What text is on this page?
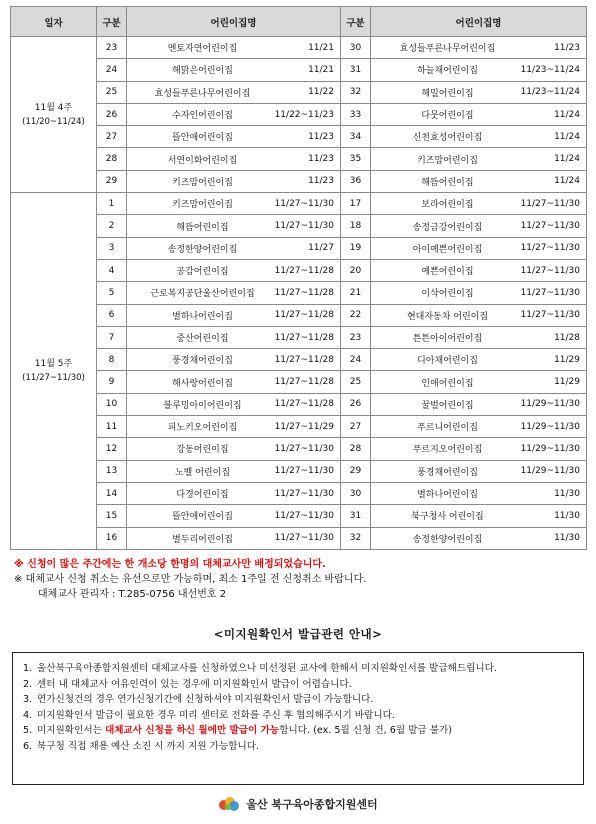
일자	구분	어린이집명	구분	어린이집명
11월 4주
(11/20~11/24)	23	멘토자연어린이집 11/21	30	효성들푸른나무어린이집 11/23

	24	해맑은어린이집 11/21	31	하늘채어린이집 11/23~11/24

	25	효성들푸른나무어린이집 11/22	32	해밀어린이집 11/23~11/24

	26	수자인어린이집 11/22~11/23	33	다뭇어린이집 11/24

	27	뜰안애어린이집 11/23	34	신천효성어린이집 11/24

	28	서연이화어린이집 11/23	35	키즈맘어린이집 11/24

	29	키즈맘어린이집 11/23	36	해뜸어린이집 11/24

11월 5주
(11/27~11/30)	1	키즈맘어린이집 11/27~11/30	17	보라어린이집 11/27~11/30

	2	해뜸어린이집 11/27~11/30	18	송정금강어린이집 11/27~11/30

	3	송정한양어린이집 11/27	19	아이예쁜어린이집 11/27~11/30

	4	공감어린이집 11/27~11/28	20	예쁜어린이집 11/27~11/30

	5	근로복지공단울산어린이집 11/27~11/28	21	이삭어린이집 11/27~11/30

	6	별하나어린이집 11/27~11/28	22	현대자동차 어린이집 11/27~11/30

	7	중산어린이집 11/27~11/28	23	튼튼아이어린이집 11/28

	8	풍경채어린이집 11/27~11/28	24	디아채어린이집 11/29

	9	해사랑어린이집 11/27~11/28	25	인애어린이집 11/29

	10	블루밍아이어린이집 11/27~11/28	26	꿀벌어린이집 11/29~11/30

	11	피노키오어린이집 11/27~11/29	27	푸르니어린이집 11/29~11/30

	12	강동어린이집 11/27~11/30	28	푸르지오어린이집 11/29~11/30

	13	노벨 어린이집 11/27~11/30	29	풍경채어린이집 11/29~11/30

	14	다경어린이집 11/27~11/30	30	별하나어린이집 11/30

	15	뜰안애어린이집 11/27~11/30	31	북구청사 어린이집 11/30

	16	별두리어린이집 11/27~11/30	32	송정한양어린이집 11/30
※ 신청이 많은 주간에는 한 개소당 한명의 대체교사만 배정되었습니다.
※ 대체교사 신청 취소는 유선으로만 가능하며, 최소 1주일 전 신청취소 바랍니다.
대체교사 관리자 : T.285-0756 내선번호 2
<미지원확인서 발급관련 안내>
1. 울산북구육아종합지원센터 대체교사를 신청하였으나 미선정된 교사에 한해서 미지원확인서를 발급해드립니다.
2. 센터 내 대체교사 여유인력이 있는 경우에 미지원확인서 발급이 어렵습니다.
3. 연가신청건의 경우 연가신청기간에 신청하셔야 미지원확인서 발급이 가능합니다.
4. 미지원확인서 발급이 필요한 경우 미리 센터로 전화를 주신 후 협의해주시기 바랍니다.
5. 미지원확인서는 대체교사 신청을 하신 월에만 발급이 가능합니다. (ex. 5월 신청 건, 6월 발급 불가)
6. 북구청 직접 채용 예산 소진 시 까지 지원 가능합니다.
울산 북구육아종합지원센터
